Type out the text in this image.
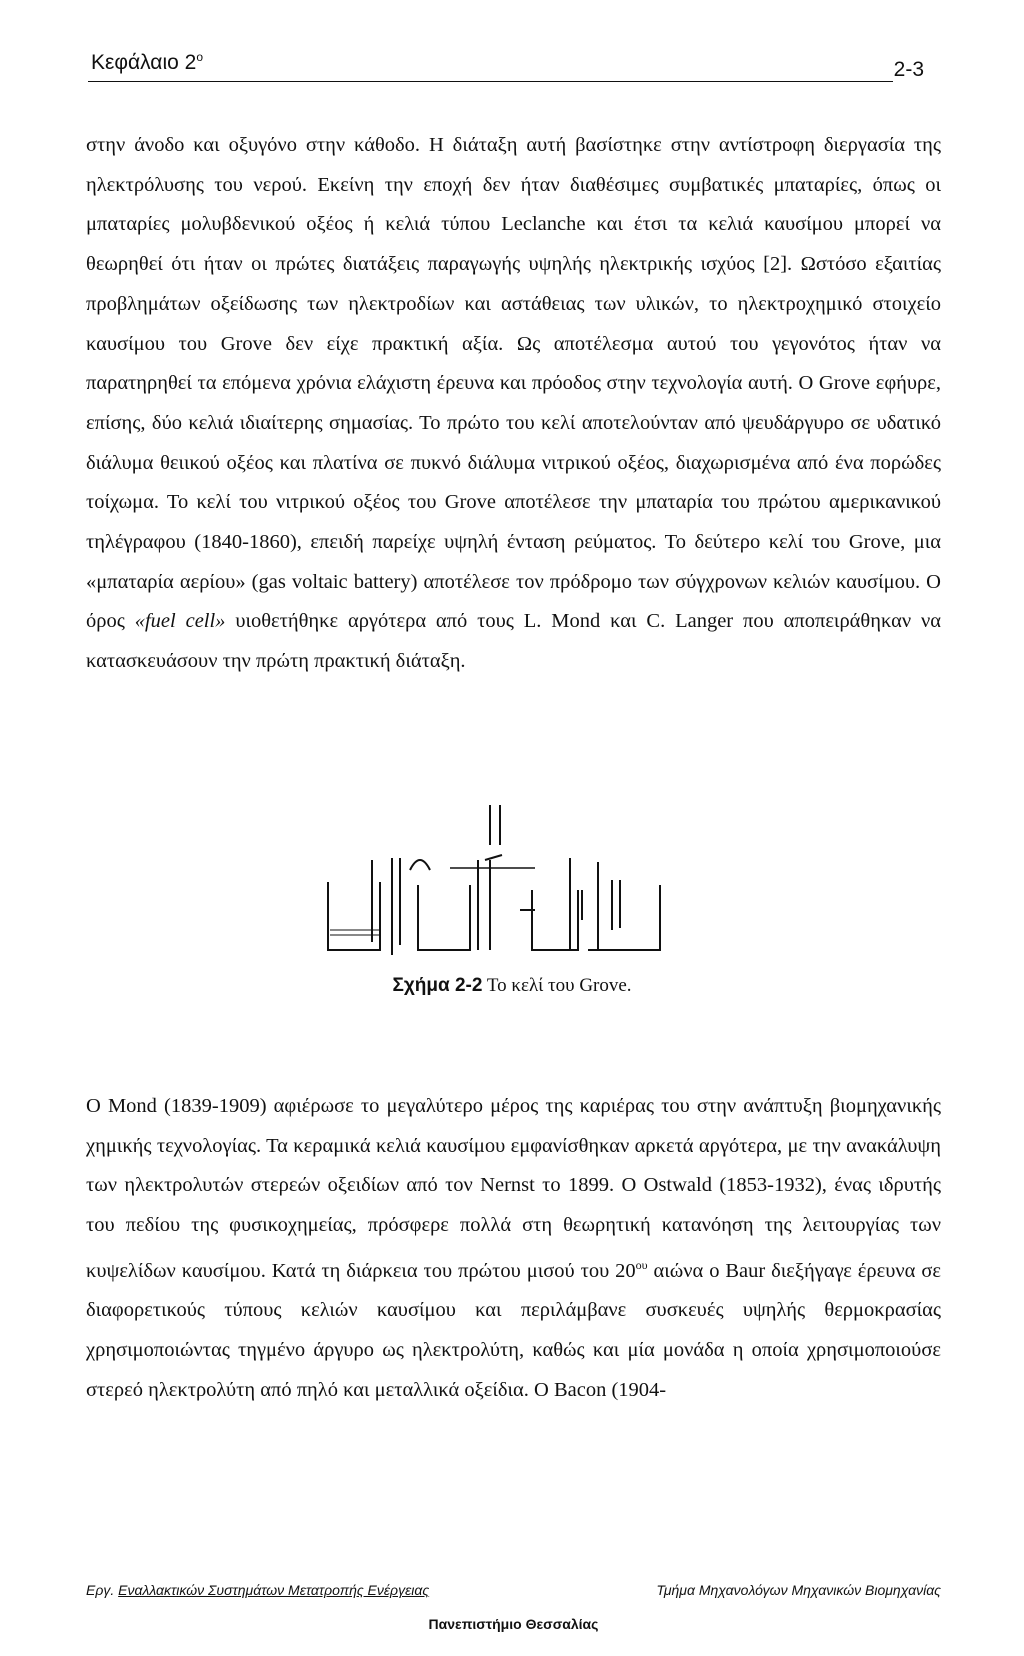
Κεφάλαιο $2^o$
2-3

στην άνοδο και οξυγόνο στην κάθοδο. Η διάταξη αυτή βασίστηκε στην αντίστροφη διεργασία της ηλεκτρόλυσης του νερού. Εκείνη την εποχή δεν ήταν διαθέσιμες συμβατικές μπαταρίες, όπως οι μπαταρίες μολυβδενικού οξέος ή κελιά τύπου Leclanche και έτσι τα κελιά καυσίμου μπορεί να θεωρηθεί ότι ήταν οι πρώτες διατάξεις παραγωγής υψηλής ηλεκτρικής ισχύος [2]. Ωστόσο εξαιτίας προβλημάτων οξείδωσης των ηλεκτροδίων και αστάθειας των υλικών, το ηλεκτροχημικό στοιχείο καυσίμου του Grove δεν είχε πρακτική αξία. Ως αποτέλεσμα αυτού του γεγονότος ήταν να παρατηρηθεί τα επόμενα χρόνια ελάχιστη έρευνα και πρόοδος στην τεχνολογία αυτή. Ο Grove εφήυρε, επίσης, δύο κελιά ιδιαίτερης σημασίας. Το πρώτο του κελί αποτελούνταν από ψευδάργυρο σε υδατικό διάλυμα θειικού οξέος και πλατίνα σε πυκνό διάλυμα νιτρικού οξέος, διαχωρισμένα από ένα πορώδες τοίχωμα. Το κελί του νιτρικού οξέος του Grove αποτέλεσε την μπαταρία του πρώτου αμερικανικού τηλέγραφου (1840-1860), επειδή παρείχε υψηλή ένταση ρεύματος. Το δεύτερο κελί του Grove, μια «μπαταρία αερίου» (gas voltaic battery) αποτέλεσε τον πρόδρομο των σύγχρονων κελιών καυσίμου. Ο όρος «fuel cell» υιοθετήθηκε αργότερα από τους L. Mond και C. Langer που αποπειράθηκαν να κατασκευάσουν την πρώτη πρακτική διάταξη.

Σχήμα 2-2 Το κελί του Grove.

Ο Mond (1839-1909) αφιέρωσε το μεγαλύτερο μέρος της καριέρας του στην ανάπτυξη βιομηχανικής χημικής τεχνολογίας. Τα κεραμικά κελιά καυσίμου εμφανίσθηκαν αρκετά αργότερα, με την ανακάλυψη των ηλεκτρολυτών στερεών οξειδίων από τον Nernst το 1899. Ο Ostwald (1853-1932), ένας ιδρυτής του πεδίου της φυσικοχημείας, πρόσφερε πολλά στη θεωρητική κατανόηση της λειτουργίας των κυψελίδων καυσίμου. Κατά τη διάρκεια του πρώτου μισού του $20^{o\upsilon}$ αιώνα ο Baur διεξήγαγε έρευνα σε διαφορετικούς τύπους κελιών καυσίμου και περιλάμβανε συσκευές υψηλής θερμοκρασίας χρησιμοποιώντας τηγμένο άργυρο ως ηλεκτρολύτη, καθώς και μία μονάδα η οποία χρησιμοποιούσε στερεό ηλεκτρολύτη από πηλό και μεταλλικά οξείδια. Ο Bacon (1904-

Εργ. Εναλλακτικών Συστημάτων Μετατροπής Ενέργειας	Τμήμα Μηχανολόγων Μηχανικών Βιομηχανίας
Πανεπιστήμιο Θεσσαλίας
